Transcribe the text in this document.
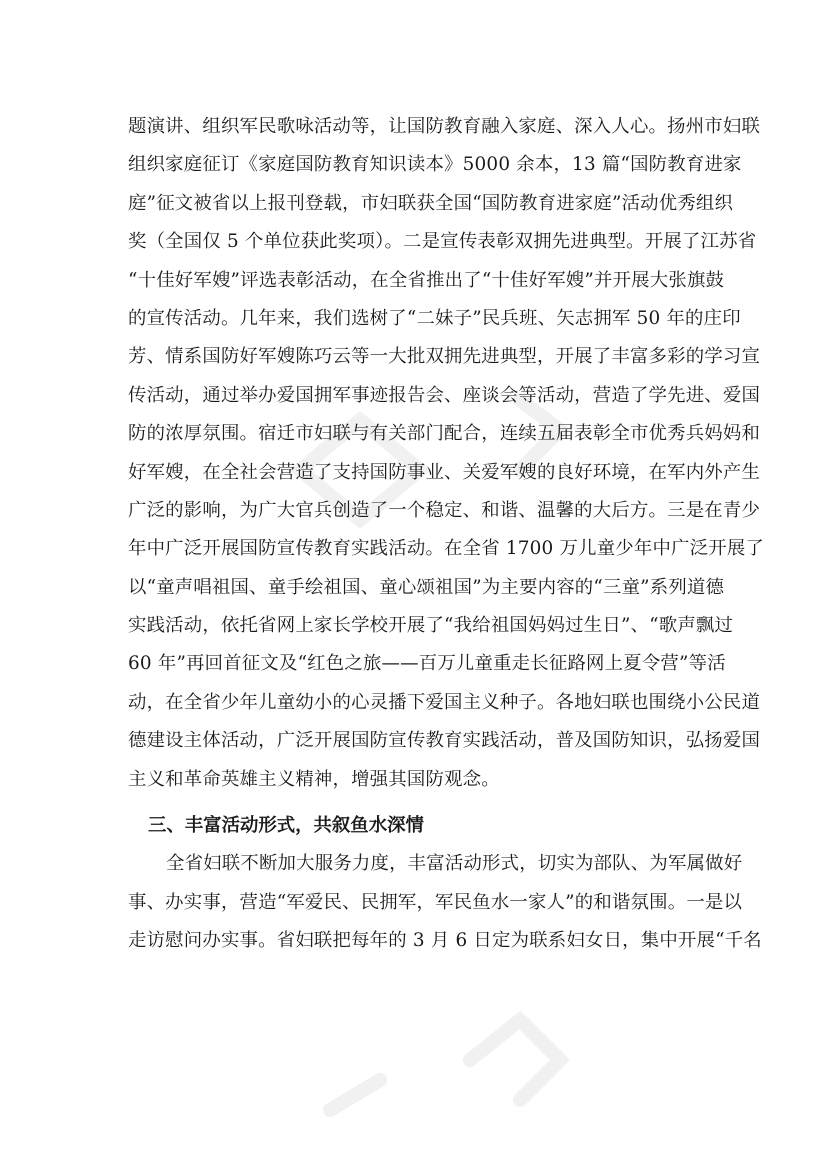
题演讲、组织军民歌咏活动等，让国防教育融入家庭、深入人心。扬州市妇联
组织家庭征订《家庭国防教育知识读本》5000 余本，13 篇“国防教育进家
庭”征文被省以上报刊登载，市妇联获全国“国防教育进家庭”活动优秀组织
奖（全国仅 5 个单位获此奖项）。二是宣传表彰双拥先进典型。开展了江苏省
“十佳好军嫂”评选表彰活动，在全省推出了“十佳好军嫂”并开展大张旗鼓
的宣传活动。几年来，我们选树了“二妹子”民兵班、矢志拥军 50 年的庄印
芳、情系国防好军嫂陈巧云等一大批双拥先进典型，开展了丰富多彩的学习宣
传活动，通过举办爱国拥军事迹报告会、座谈会等活动，营造了学先进、爱国
防的浓厚氛围。宿迁市妇联与有关部门配合，连续五届表彰全市优秀兵妈妈和
好军嫂，在全社会营造了支持国防事业、关爱军嫂的良好环境，在军内外产生
广泛的影响，为广大官兵创造了一个稳定、和谐、温馨的大后方。三是在青少
年中广泛开展国防宣传教育实践活动。在全省 1700 万儿童少年中广泛开展了
以“童声唱祖国、童手绘祖国、童心颂祖国”为主要内容的“三童”系列道德
实践活动，依托省网上家长学校开展了“我给祖国妈妈过生日”、“歌声飘过
60 年”再回首征文及“红色之旅——百万儿童重走长征路网上夏令营”等活
动，在全省少年儿童幼小的心灵播下爱国主义种子。各地妇联也围绕小公民道
德建设主体活动，广泛开展国防宣传教育实践活动，普及国防知识，弘扬爱国
主义和革命英雄主义精神，增强其国防观念。
三、丰富活动形式，共叙鱼水深情
全省妇联不断加大服务力度，丰富活动形式，切实为部队、为军属做好
事、办实事，营造“军爱民、民拥军，军民鱼水一家人”的和谐氛围。一是以
走访慰问办实事。省妇联把每年的 3 月 6 日定为联系妇女日，集中开展“千名
